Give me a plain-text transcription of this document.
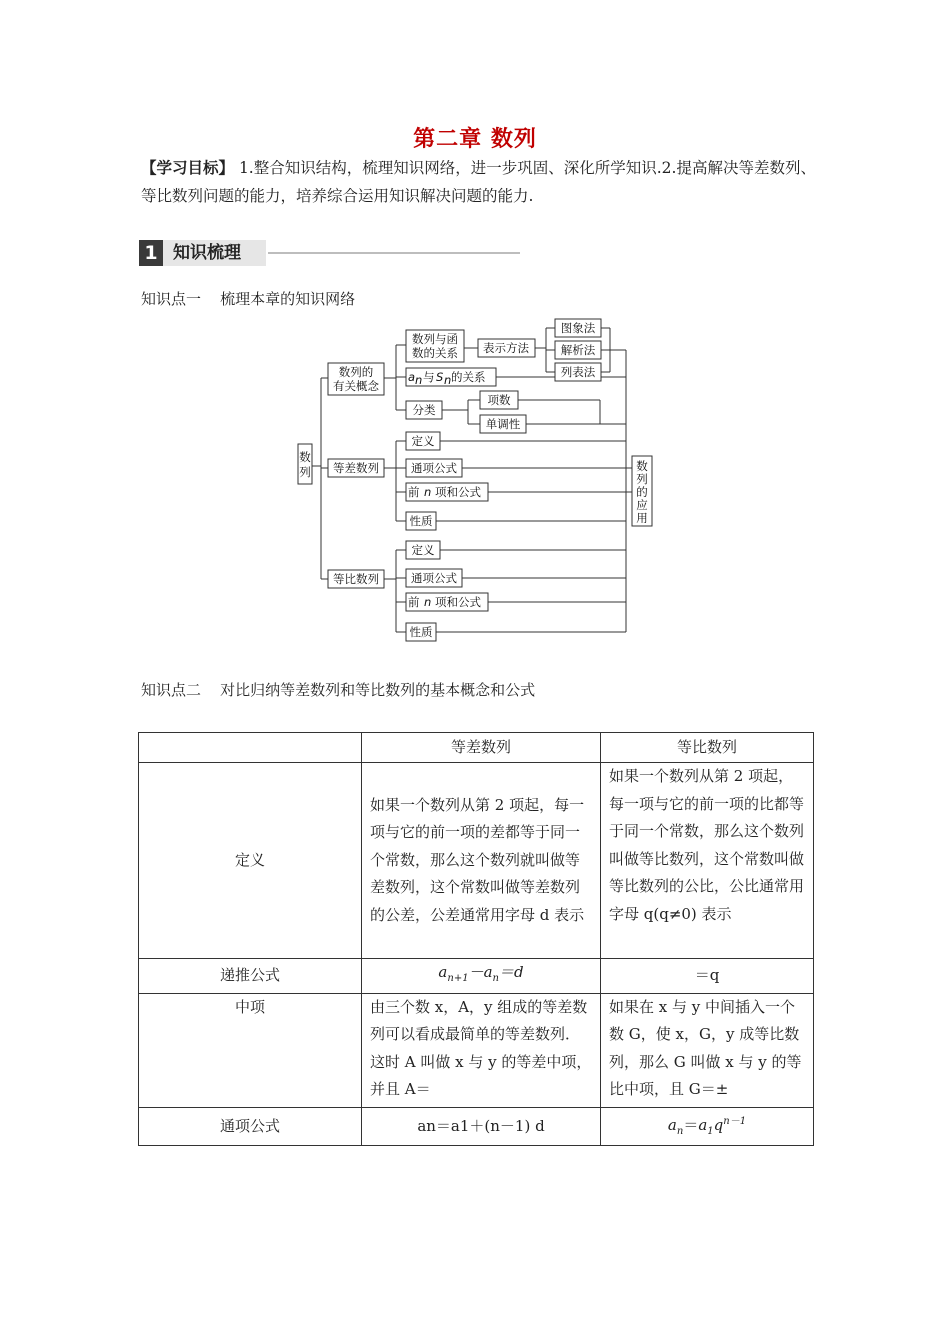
第二章 数列
【学习目标】 1.整合知识结构，梳理知识网络，进一步巩固、深化所学知识.2.提高解决等差数列、等比数列问题的能力，培养综合运用知识解决问题的能力.
1 知识梳理
知识点一 梳理本章的知识网络
数
列
数列的
有关概念
数列与函
数的关系 表示方法
图象法
解析法
列表法
a n 与 S n 的关系
分类
项数
单调性
等差数列
定义
通项公式
前 n 项和公式
性质
等比数列
定义
通项公式
前 n 项和公式
性质
数
列
的
应
用
知识点二 对比归纳等差数列和等比数列的基本概念和公式
	等差数列	等比数列
定义	如果一个数列从第 2 项起，每一项与它的前一项的差都等于同一个常数，那么这个数列就叫做等差数列，这个常数叫做等差数列的公差，公差通常用字母 d 表示	如果一个数列从第 2 项起，每一项与它的前一项的比都等于同一个常数，那么这个数列叫做等比数列，这个常数叫做等比数列的公比，公比通常用字母 q(q≠0) 表示
递推公式	$a_{n+1}-a_n=d$	＝q
中项	由三个数 x，A，y 组成的等差数列可以看成最简单的等差数列．这时 A 叫做 x 与 y 的等差中项，并且 A＝	如果在 x 与 y 中间插入一个数 G，使 x，G，y 成等比数列，那么 G 叫做 x 与 y 的等比中项，且 G＝±
通项公式	an＝a1＋(n－1) d	$a_n=a_1q^{n-1}$
